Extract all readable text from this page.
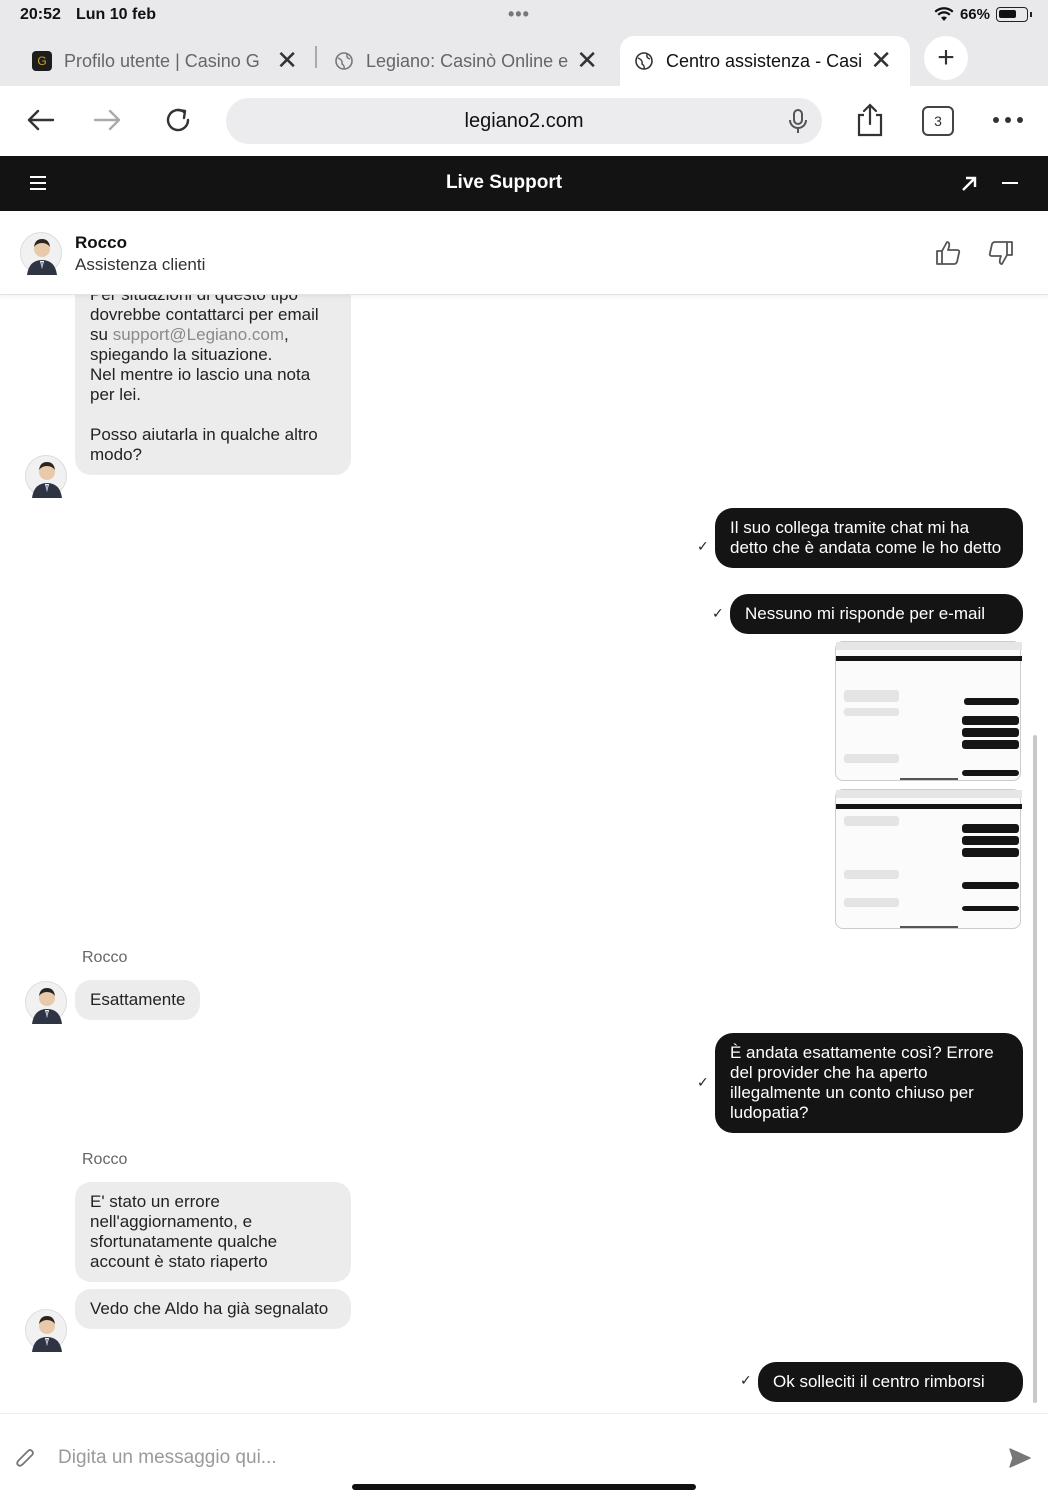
20:52 Lun 10 feb	•••	66%
G Profilo utente | Casino G ✕	Legiano: Casinò Online e ✕	Centro assistenza - Casi ✕	+
legiano2.com	3
Live Support
Rocco
Assistenza clienti
dovrebbe contattarci per email su support@Legiano.com, spiegando la situazione.
Nel mentre io lascio una nota per lei.

Posso aiutarla in qualche altro modo?
✓
Il suo collega tramite chat mi ha detto che è andata come le ho detto
✓	Nessuno mi risponde per e-mail
Rocco
Esattamente
✓
È andata esattamente così? Errore del provider che ha aperto illegalmente un conto chiuso per ludopatia?
Rocco
E' stato un errore nell'aggiornamento, e sfortunatamente qualche account è stato riaperto
Vedo che Aldo ha già segnalato
✓	Ok solleciti il centro rimborsi
Digita un messaggio qui...
